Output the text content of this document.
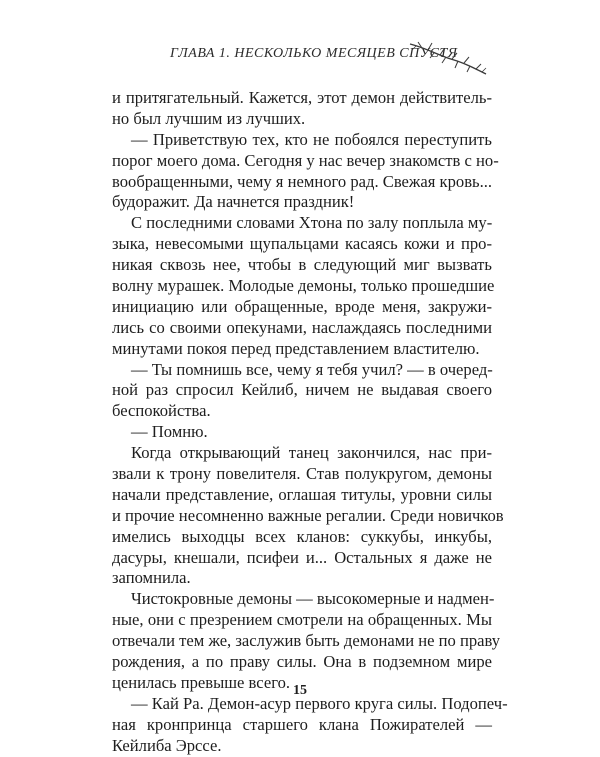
ГЛАВА 1. НЕСКОЛЬКО МЕСЯЦЕВ СПУСТЯ
и притягательный. Кажется, этот демон действитель-
но был лучшим из лучших.
— Приветствую тех, кто не побоялся переступить
порог моего дома. Сегодня у нас вечер знакомств с но-
вообращенными, чему я немного рад. Свежая кровь...
будоражит. Да начнется праздник!
С последними словами Хтона по залу поплыла му-
зыка, невесомыми щупальцами касаясь кожи и про-
никая сквозь нее, чтобы в следующий миг вызвать
волну мурашек. Молодые демоны, только прошедшие
инициацию или обращенные, вроде меня, закружи-
лись со своими опекунами, наслаждаясь последними
минутами покоя перед представлением властителю.
— Ты помнишь все, чему я тебя учил? — в очеред-
ной раз спросил Кейлиб, ничем не выдавая своего
беспокойства.
— Помню.
Когда открывающий танец закончился, нас при-
звали к трону повелителя. Став полукругом, демоны
начали представление, оглашая титулы, уровни силы
и прочие несомненно важные регалии. Среди новичков
имелись выходцы всех кланов: суккубы, инкубы,
дасуры, кнешали, псифеи и... Остальных я даже не
запомнила.
Чистокровные демоны — высокомерные и надмен-
ные, они с презрением смотрели на обращенных. Мы
отвечали тем же, заслужив быть демонами не по праву
рождения, а по праву силы. Она в подземном мире
ценилась превыше всего.
— Кай Ра. Демон-асур первого круга силы. Подопеч-
ная кронпринца старшего клана Пожирателей —
Кейлиба Эрссе.
15
